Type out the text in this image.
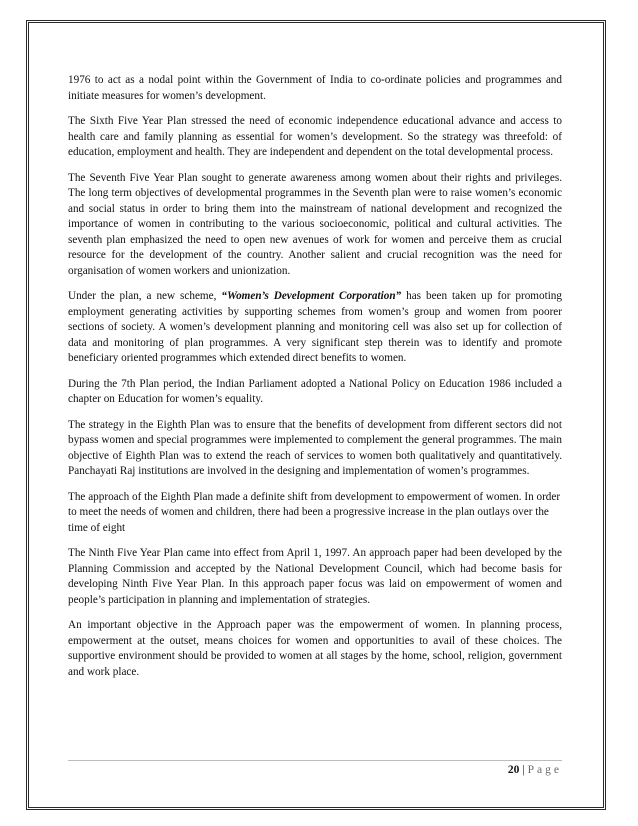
1976 to act as a nodal point within the Government of India to co-ordinate policies and programmes and initiate measures for women’s development.

The Sixth Five Year Plan stressed the need of economic independence educational advance and access to health care and family planning as essential for women’s development. So the strategy was threefold: of education, employment and health. They are independent and dependent on the total developmental process.

The Seventh Five Year Plan sought to generate awareness among women about their rights and privileges. The long term objectives of developmental programmes in the Seventh plan were to raise women’s economic and social status in order to bring them into the mainstream of national development and recognized the importance of women in contributing to the various socioeconomic, political and cultural activities. The seventh plan emphasized the need to open new avenues of work for women and perceive them as crucial resource for the development of the country. Another salient and crucial recognition was the need for organisation of women workers and unionization.

Under the plan, a new scheme, “Women’s Development Corporation” has been taken up for promoting employment generating activities by supporting schemes from women’s group and women from poorer sections of society. A women’s development planning and monitoring cell was also set up for collection of data and monitoring of plan programmes. A very significant step therein was to identify and promote beneficiary oriented programmes which extended direct benefits to women.

During the 7th Plan period, the Indian Parliament adopted a National Policy on Education 1986 included a chapter on Education for women’s equality.

The strategy in the Eighth Plan was to ensure that the benefits of development from different sectors did not bypass women and special programmes were implemented to complement the general programmes. The main objective of Eighth Plan was to extend the reach of services to women both qualitatively and quantitatively. Panchayati Raj institutions are involved in the designing and implementation of women’s programmes.

The approach of the Eighth Plan made a definite shift from development to empowerment of women. In order to meet the needs of women and children, there had been a progressive increase in the plan outlays over the time of eight

The Ninth Five Year Plan came into effect from April 1, 1997. An approach paper had been developed by the Planning Commission and accepted by the National Development Council, which had become basis for developing Ninth Five Year Plan. In this approach paper focus was laid on empowerment of women and people’s participation in planning and implementation of strategies.

An important objective in the Approach paper was the empowerment of women. In planning process, empowerment at the outset, means choices for women and opportunities to avail of these choices. The supportive environment should be provided to women at all stages by the home, school, religion, government and work place.

20 | Page
